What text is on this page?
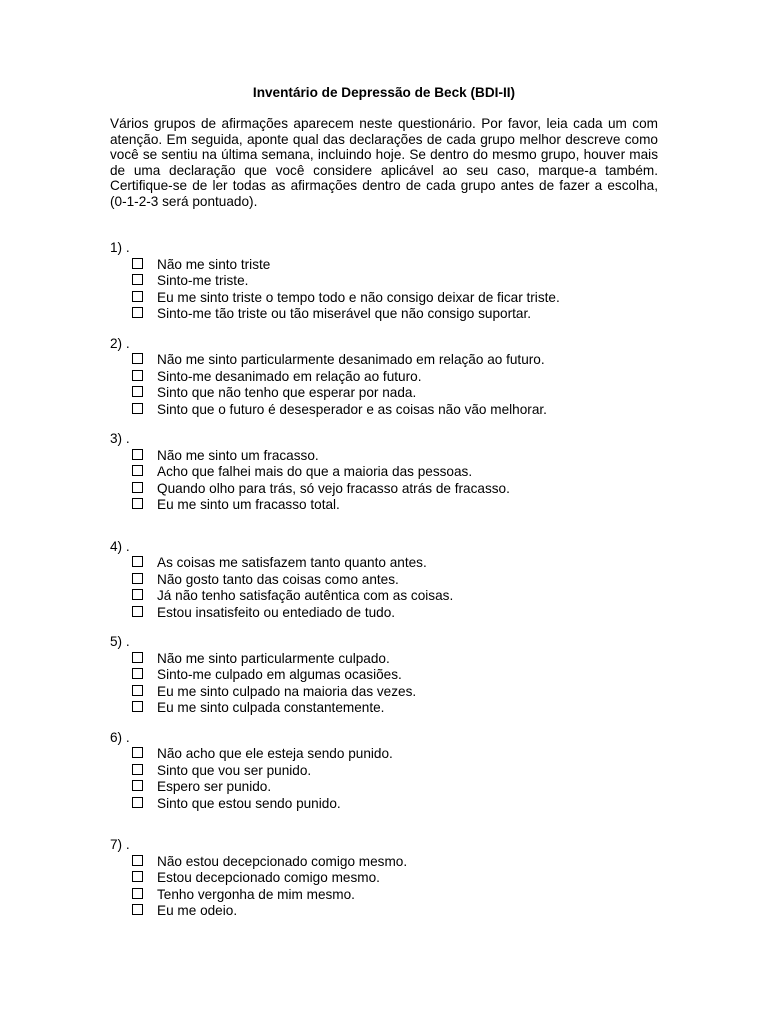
Inventário de Depressão de Beck (BDI-II)

Vários grupos de afirmações aparecem neste questionário. Por favor, leia cada um com atenção. Em seguida, aponte qual das declarações de cada grupo melhor descreve como você se sentiu na última semana, incluindo hoje. Se dentro do mesmo grupo, houver mais de uma declaração que você considere aplicável ao seu caso, marque-a também. Certifique-se de ler todas as afirmações dentro de cada grupo antes de fazer a escolha, (0-1-2-3 será pontuado).

1) .
Não me sinto triste
Sinto-me triste.
Eu me sinto triste o tempo todo e não consigo deixar de ficar triste.
Sinto-me tão triste ou tão miserável que não consigo suportar.
2) .
Não me sinto particularmente desanimado em relação ao futuro.
Sinto-me desanimado em relação ao futuro.
Sinto que não tenho que esperar por nada.
Sinto que o futuro é desesperador e as coisas não vão melhorar.
3) .
Não me sinto um fracasso.
Acho que falhei mais do que a maioria das pessoas.
Quando olho para trás, só vejo fracasso atrás de fracasso.
Eu me sinto um fracasso total.
4) .
As coisas me satisfazem tanto quanto antes.
Não gosto tanto das coisas como antes.
Já não tenho satisfação autêntica com as coisas.
Estou insatisfeito ou entediado de tudo.
5) .
Não me sinto particularmente culpado.
Sinto-me culpado em algumas ocasiões.
Eu me sinto culpado na maioria das vezes.
Eu me sinto culpada constantemente.
6) .
Não acho que ele esteja sendo punido.
Sinto que vou ser punido.
Espero ser punido.
Sinto que estou sendo punido.
7) .
Não estou decepcionado comigo mesmo.
Estou decepcionado comigo mesmo.
Tenho vergonha de mim mesmo.
Eu me odeio.
